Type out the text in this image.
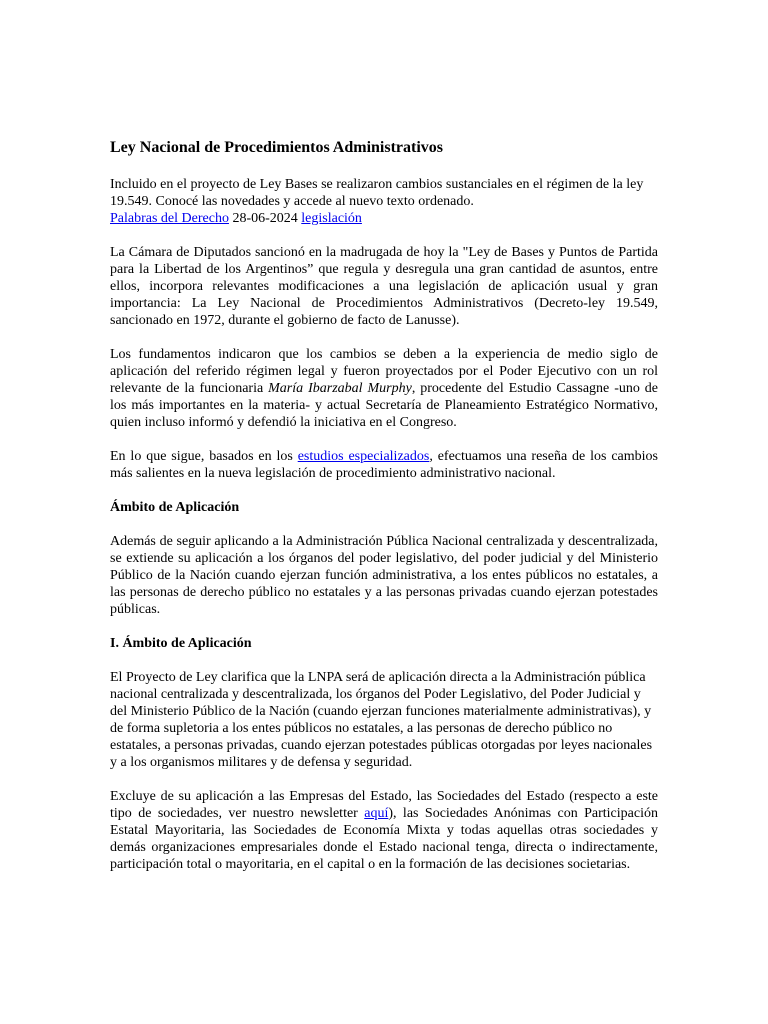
Ley Nacional de Procedimientos Administrativos

Incluido en el proyecto de Ley Bases se realizaron cambios sustanciales en el régimen de la ley 19.549. Conocé las novedades y accede al nuevo texto ordenado.
Palabras del Derecho 28-06-2024 legislación

La Cámara de Diputados sancionó en la madrugada de hoy la "Ley de Bases y Puntos de Partida para la Libertad de los Argentinos” que regula y desregula una gran cantidad de asuntos, entre ellos, incorpora relevantes modificaciones a una legislación de aplicación usual y gran importancia: La Ley Nacional de Procedimientos Administrativos (Decreto-ley 19.549, sancionado en 1972, durante el gobierno de facto de Lanusse).

Los fundamentos indicaron que los cambios se deben a la experiencia de medio siglo de aplicación del referido régimen legal y fueron proyectados por el Poder Ejecutivo con un rol relevante de la funcionaria María Ibarzabal Murphy, procedente del Estudio Cassagne -uno de los más importantes en la materia- y actual Secretaría de Planeamiento Estratégico Normativo, quien incluso informó y defendió la iniciativa en el Congreso.

En lo que sigue, basados en los estudios especializados, efectuamos una reseña de los cambios más salientes en la nueva legislación de procedimiento administrativo nacional.

Ámbito de Aplicación

Además de seguir aplicando a la Administración Pública Nacional centralizada y descentralizada, se extiende su aplicación a los órganos del poder legislativo, del poder judicial y del Ministerio Público de la Nación cuando ejerzan función administrativa, a los entes públicos no estatales, a las personas de derecho público no estatales y a las personas privadas cuando ejerzan potestades públicas.

I. Ámbito de Aplicación

El Proyecto de Ley clarifica que la LNPA será de aplicación directa a la Administración pública nacional centralizada y descentralizada, los órganos del Poder Legislativo, del Poder Judicial y del Ministerio Público de la Nación (cuando ejerzan funciones materialmente administrativas), y de forma supletoria a los entes públicos no estatales, a las personas de derecho público no estatales, a personas privadas, cuando ejerzan potestades públicas otorgadas por leyes nacionales y a los organismos militares y de defensa y seguridad.

Excluye de su aplicación a las Empresas del Estado, las Sociedades del Estado (respecto a este tipo de sociedades, ver nuestro newsletter aquí), las Sociedades Anónimas con Participación Estatal Mayoritaria, las Sociedades de Economía Mixta y todas aquellas otras sociedades y demás organizaciones empresariales donde el Estado nacional tenga, directa o indirectamente, participación total o mayoritaria, en el capital o en la formación de las decisiones societarias.
